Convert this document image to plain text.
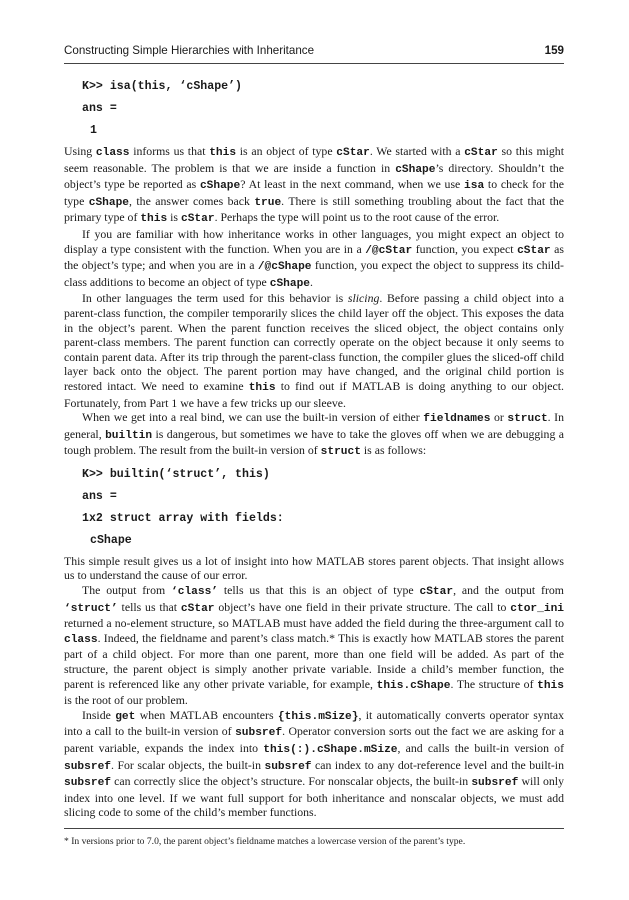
Constructing Simple Hierarchies with Inheritance	159
K>> isa(this, ‘cShape’)
ans =
1

Using class informs us that this is an object of type cStar. We started with a cStar so this might seem reasonable. The problem is that we are inside a function in cShape’s directory. Shouldn’t the object’s type be reported as cShape? At least in the next command, when we use isa to check for the type cShape, the answer comes back true. There is still something troubling about the fact that the primary type of this is cStar. Perhaps the type will point us to the root cause of the error.

If you are familiar with how inheritance works in other languages, you might expect an object to display a type consistent with the function. When you are in a /@cStar function, you expect cStar as the object’s type; and when you are in a /@cShape function, you expect the object to suppress its child-class additions to become an object of type cShape.

In other languages the term used for this behavior is slicing. Before passing a child object into a parent-class function, the compiler temporarily slices the child layer off the object. This exposes the data in the object’s parent. When the parent function receives the sliced object, the object contains only parent-class members. The parent function can correctly operate on the object because it only seems to contain parent data. After its trip through the parent-class function, the compiler glues the sliced-off child layer back onto the object. The parent portion may have changed, and the original child portion is restored intact. We need to examine this to find out if MATLAB is doing anything to our object. Fortunately, from Part 1 we have a few tricks up our sleeve.

When we get into a real bind, we can use the built-in version of either fieldnames or struct. In general, builtin is dangerous, but sometimes we have to take the gloves off when we are debugging a tough problem. The result from the built-in version of struct is as follows:

K>> builtin(‘struct’, this)
ans =
1x2 struct array with fields:
cShape

This simple result gives us a lot of insight into how MATLAB stores parent objects. That insight allows us to understand the cause of our error.

The output from ‘class’ tells us that this is an object of type cStar, and the output from ‘struct’ tells us that cStar object’s have one field in their private structure. The call to ctor_ini returned a no-element structure, so MATLAB must have added the field during the three-argument call to class. Indeed, the fieldname and parent’s class match.* This is exactly how MATLAB stores the parent part of a child object. For more than one parent, more than one field will be added. As part of the structure, the parent object is simply another private variable. Inside a child’s member function, the parent is referenced like any other private variable, for example, this.cShape. The structure of this is the root of our problem.

Inside get when MATLAB encounters {this.mSize}, it automatically converts operator syntax into a call to the built-in version of subsref. Operator conversion sorts out the fact we are asking for a parent variable, expands the index into this(:).cShape.mSize, and calls the built-in version of subsref. For scalar objects, the built-in subsref can index to any dot-reference level and the built-in subsref can correctly slice the object’s structure. For nonscalar objects, the built-in subsref will only index into one level. If we want full support for both inheritance and nonscalar objects, we must add slicing code to some of the child’s member functions.

* In versions prior to 7.0, the parent object’s fieldname matches a lowercase version of the parent’s type.
